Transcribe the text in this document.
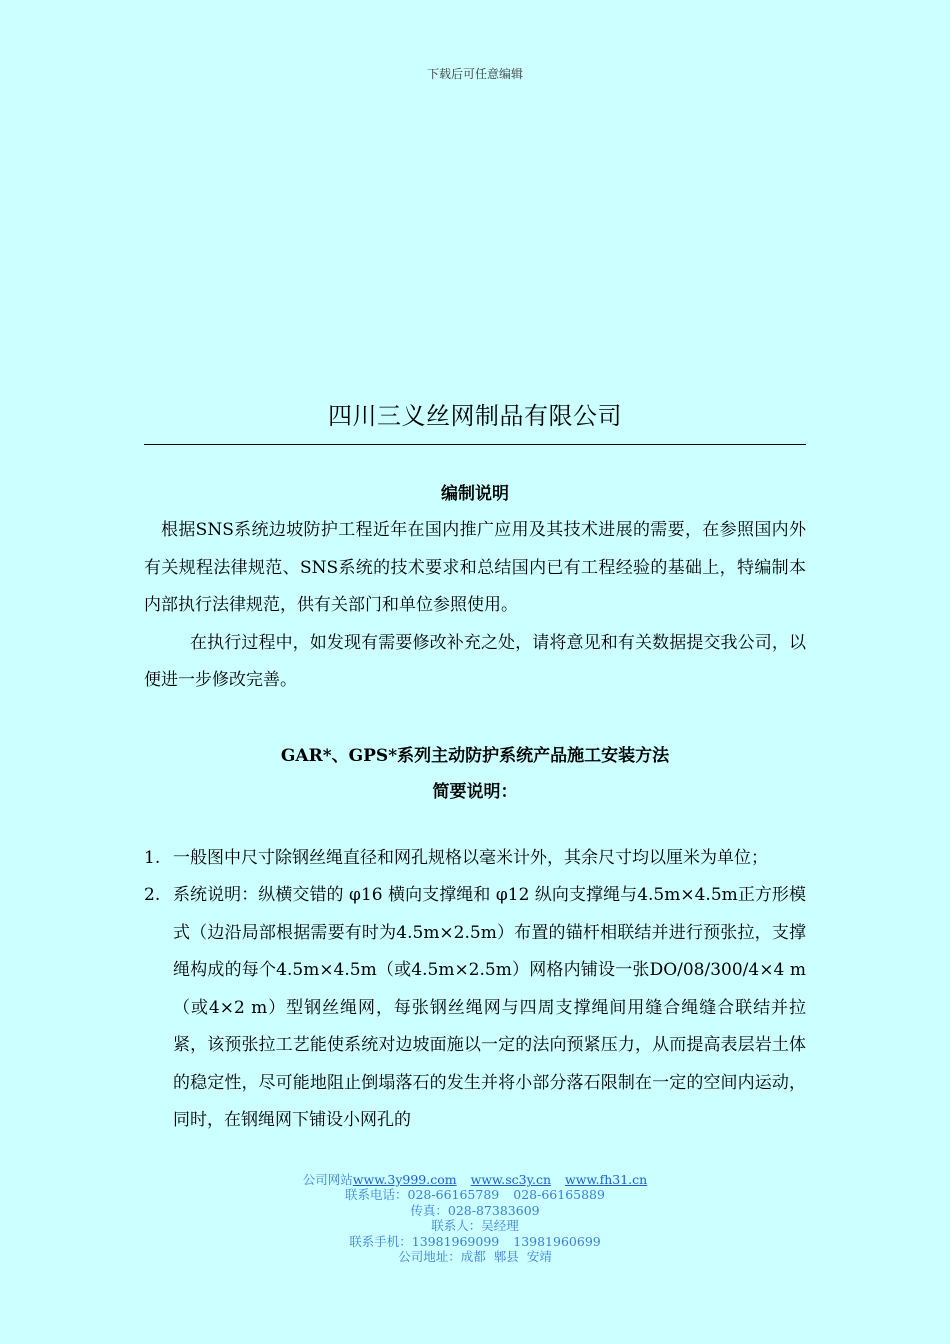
下载后可任意编辑
四川三义丝网制品有限公司
编制说明

根据SNS系统边坡防护工程近年在国内推广应用及其技术进展的需要，在参照国内外有关规程法律规范、SNS系统的技术要求和总结国内已有工程经验的基础上，特编制本内部执行法律规范，供有关部门和单位参照使用。

在执行过程中，如发现有需要修改补充之处，请将意见和有关数据提交我公司，以便进一步修改完善。

GAR*、GPS*系列主动防护系统产品施工安装方法
简要说明：
1. 一般图中尺寸除钢丝绳直径和网孔规格以毫米计外，其余尺寸均以厘米为单位；
2. 系统说明：纵横交错的 φ16 横向支撑绳和 φ12 纵向支撑绳与4.5m×4.5m正方形模式（边沿局部根据需要有时为4.5m×2.5m）布置的锚杆相联结并进行预张拉，支撑绳构成的每个4.5m×4.5m（或4.5m×2.5m）网格内铺设一张DO/08/300/4×4 m（或4×2 m）型钢丝绳网，每张钢丝绳网与四周支撑绳间用缝合绳缝合联结并拉紧，该预张拉工艺能使系统对边坡面施以一定的法向预紧压力，从而提高表层岩土体的稳定性，尽可能地阻止倒塌落石的发生并将小部分落石限制在一定的空间内运动，同时，在钢绳网下铺设小网孔的
公司网站www.3y999.com www.sc3y.cn www.fh31.cn
联系电话：028-66165789 028-66165889
传真：028-87383609
联系人：吴经理
联系手机：13981969099 13981960699
公司地址：成都  郫县  安靖
